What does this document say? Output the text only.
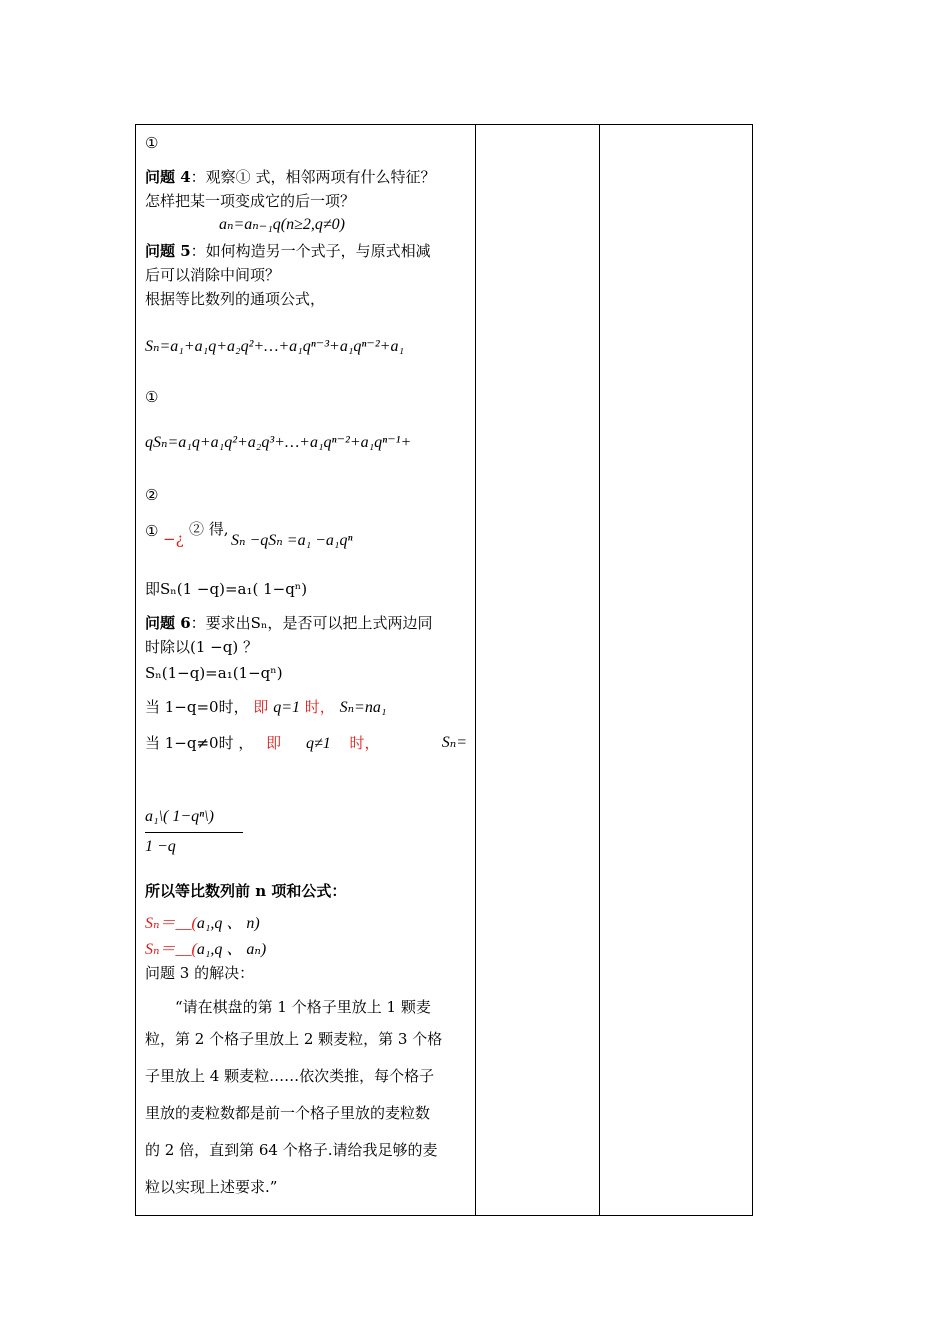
①
问题 4：观察① 式，相邻两项有什么特征？
怎样把某一项变成它的后一项？
aₙ=aₙ₋₁q(n≥2,q≠0)
问题 5：如何构造另一个式子，与原式相减
后可以消除中间项？
根据等比数列的通项公式，
Sₙ=a₁+a₁q+a₂q²+…+a₁qⁿ⁻³+a₁qⁿ⁻²+a₁
①
qSₙ=a₁q+a₁q²+a₂q³+…+a₁qⁿ⁻²+a₁qⁿ⁻¹+
②
① −¿
② 得,
Sₙ −qSₙ =a₁ −a₁qⁿ
即Sₙ(1 −q)=a₁( 1−qⁿ)
问题 6：要求出Sₙ，是否可以把上式两边同
时除以(1 −q) ？
Sₙ(1−q)=a₁(1−qⁿ)
当 1−q=0时， 即 q=1 时， Sₙ=na₁
当 1−q≠0时 ， 即 q≠1 时，	Sₙ=
a₁\( 1−qⁿ\)
1 −q
所以等比数列前 n 项和公式：
Sₙ＝__(a₁,q 、 n)
Sₙ＝__(a₁,q 、 aₙ)
问题 3 的解决：
“请在棋盘的第 1 个格子里放上 1 颗麦
粒，第 2 个格子里放上 2 颗麦粒，第 3 个格
子里放上 4 颗麦粒……依次类推，每个格子
里放的麦粒数都是前一个格子里放的麦粒数
的 2 倍，直到第 64 个格子.请给我足够的麦
粒以实现上述要求.”
